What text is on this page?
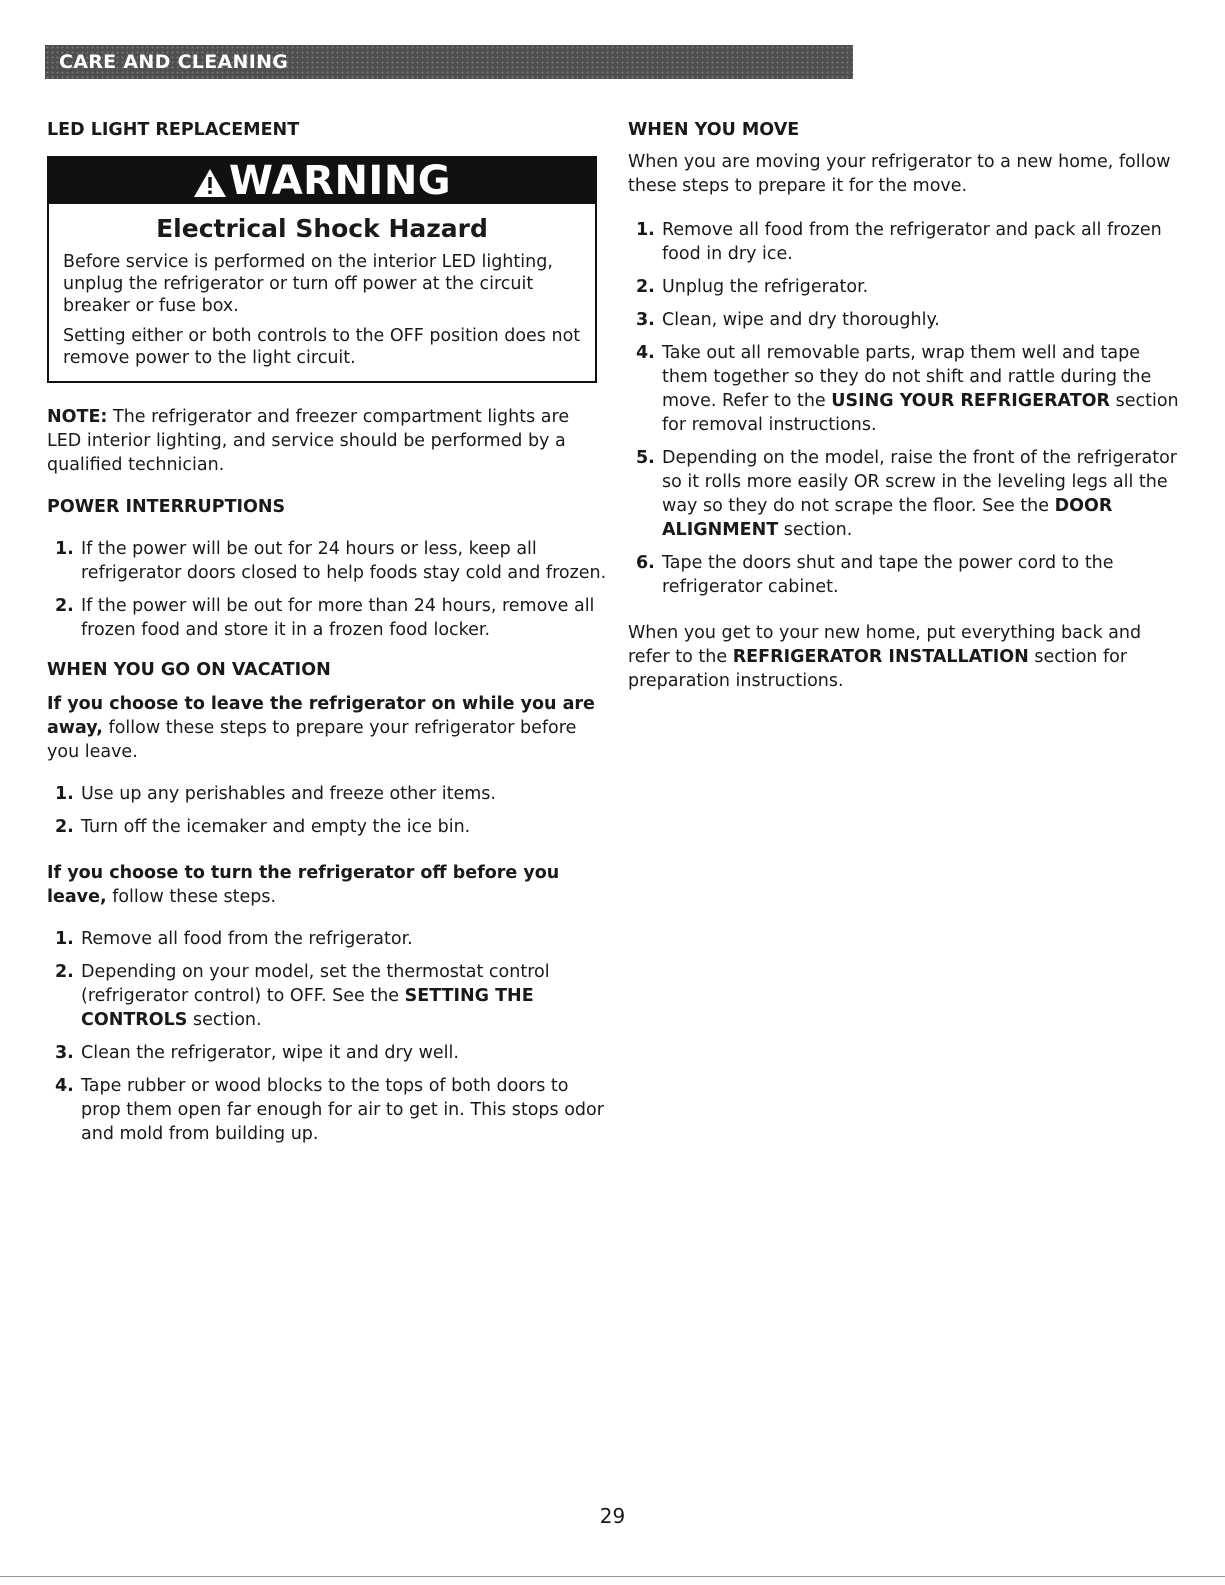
CARE AND CLEANING
LED LIGHT REPLACEMENT
WARNING
Electrical Shock Hazard

Before service is performed on the interior LED lighting, unplug the refrigerator or turn off power at the circuit breaker or fuse box.

Setting either or both controls to the OFF position does not remove power to the light circuit.

NOTE: The refrigerator and freezer compartment lights are LED interior lighting, and service should be performed by a qualified technician.

POWER INTERRUPTIONS
1. If the power will be out for 24 hours or less, keep all refrigerator doors closed to help foods stay cold and frozen.
2. If the power will be out for more than 24 hours, remove all frozen food and store it in a frozen food locker.
WHEN YOU GO ON VACATION

If you choose to leave the refrigerator on while you are away, follow these steps to prepare your refrigerator before you leave.

1. Use up any perishables and freeze other items.
2. Turn off the icemaker and empty the ice bin.

If you choose to turn the refrigerator off before you leave, follow these steps.

1. Remove all food from the refrigerator.
2. Depending on your model, set the thermostat control (refrigerator control) to OFF. See the SETTING THE CONTROLS section.
3. Clean the refrigerator, wipe it and dry well.
4. Tape rubber or wood blocks to the tops of both doors to prop them open far enough for air to get in. This stops odor and mold from building up.
WHEN YOU MOVE

When you are moving your refrigerator to a new home, follow these steps to prepare it for the move.

1. Remove all food from the refrigerator and pack all frozen food in dry ice.
2. Unplug the refrigerator.
3. Clean, wipe and dry thoroughly.
4. Take out all removable parts, wrap them well and tape them together so they do not shift and rattle during the move. Refer to the USING YOUR REFRIGERATOR section for removal instructions.
5. Depending on the model, raise the front of the refrigerator so it rolls more easily OR screw in the leveling legs all the way so they do not scrape the floor. See the DOOR ALIGNMENT section.
6. Tape the doors shut and tape the power cord to the refrigerator cabinet.

When you get to your new home, put everything back and refer to the REFRIGERATOR INSTALLATION section for preparation instructions.

29
